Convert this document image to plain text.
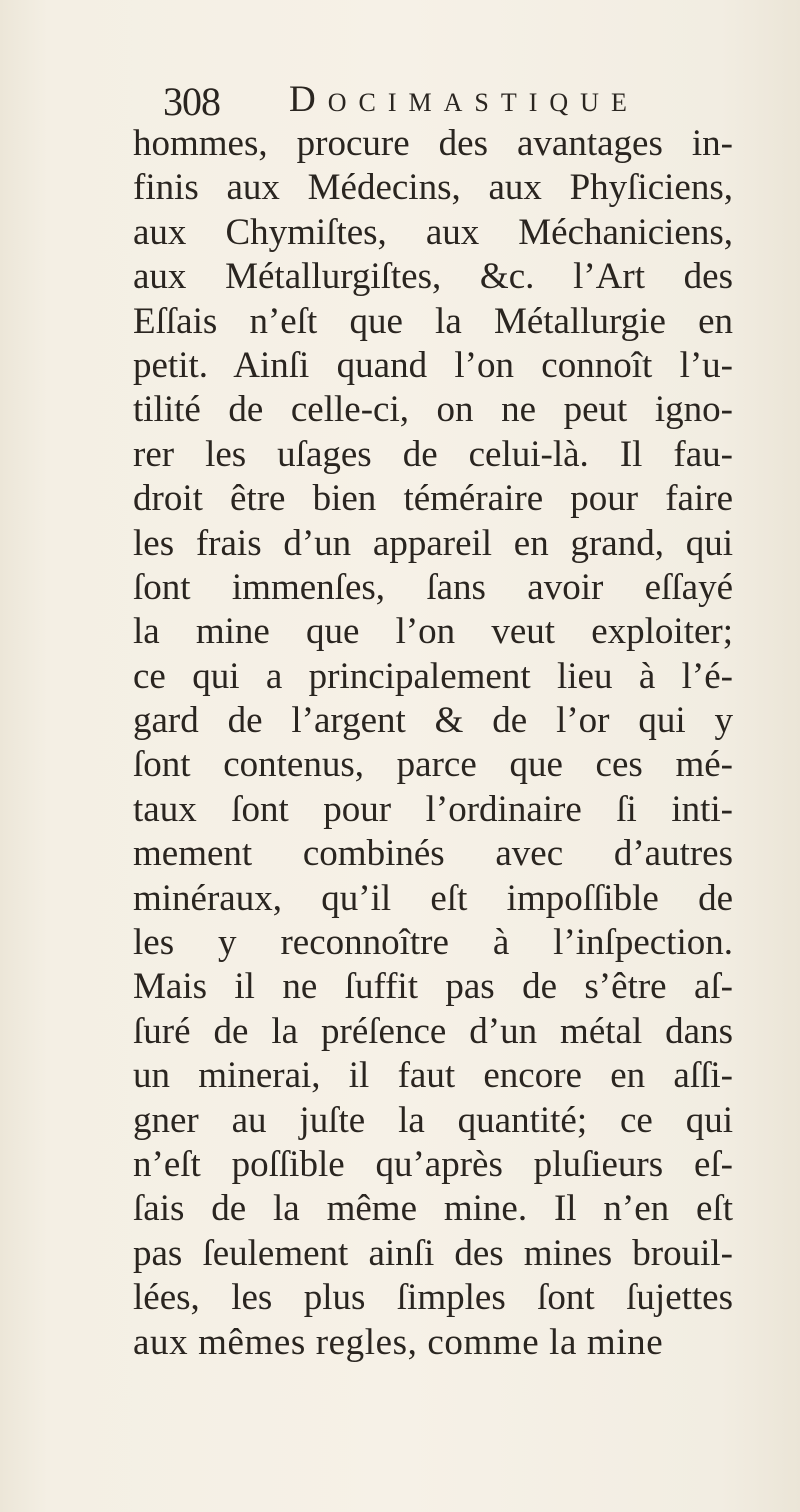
308 Docimastique
hommes, procure des avantages in-
finis aux Médecins, aux Phyſiciens,
aux Chymiſtes, aux Méchaniciens,
aux Métallurgiſtes, &c. l’Art des
Eſſais n’eſt que la Métallurgie en
petit. Ainſi quand l’on connoît l’u-
tilité de celle-ci, on ne peut igno-
rer les uſages de celui-là. Il fau-
droit être bien téméraire pour faire
les frais d’un appareil en grand, qui
ſont immenſes, ſans avoir eſſayé
la mine que l’on veut exploiter;
ce qui a principalement lieu à l’é-
gard de l’argent & de l’or qui y
ſont contenus, parce que ces mé-
taux ſont pour l’ordinaire ſi inti-
mement combinés avec d’autres
minéraux, qu’il eſt impoſſible de
les y reconnoître à l’inſpection.
Mais il ne ſuffit pas de s’être aſ-
ſuré de la préſence d’un métal dans
un minerai, il faut encore en aſſi-
gner au juſte la quantité; ce qui
n’eſt poſſible qu’après pluſieurs eſ-
ſais de la même mine. Il n’en eſt
pas ſeulement ainſi des mines brouil-
lées, les plus ſimples ſont ſujettes
aux mêmes regles, comme la mine
